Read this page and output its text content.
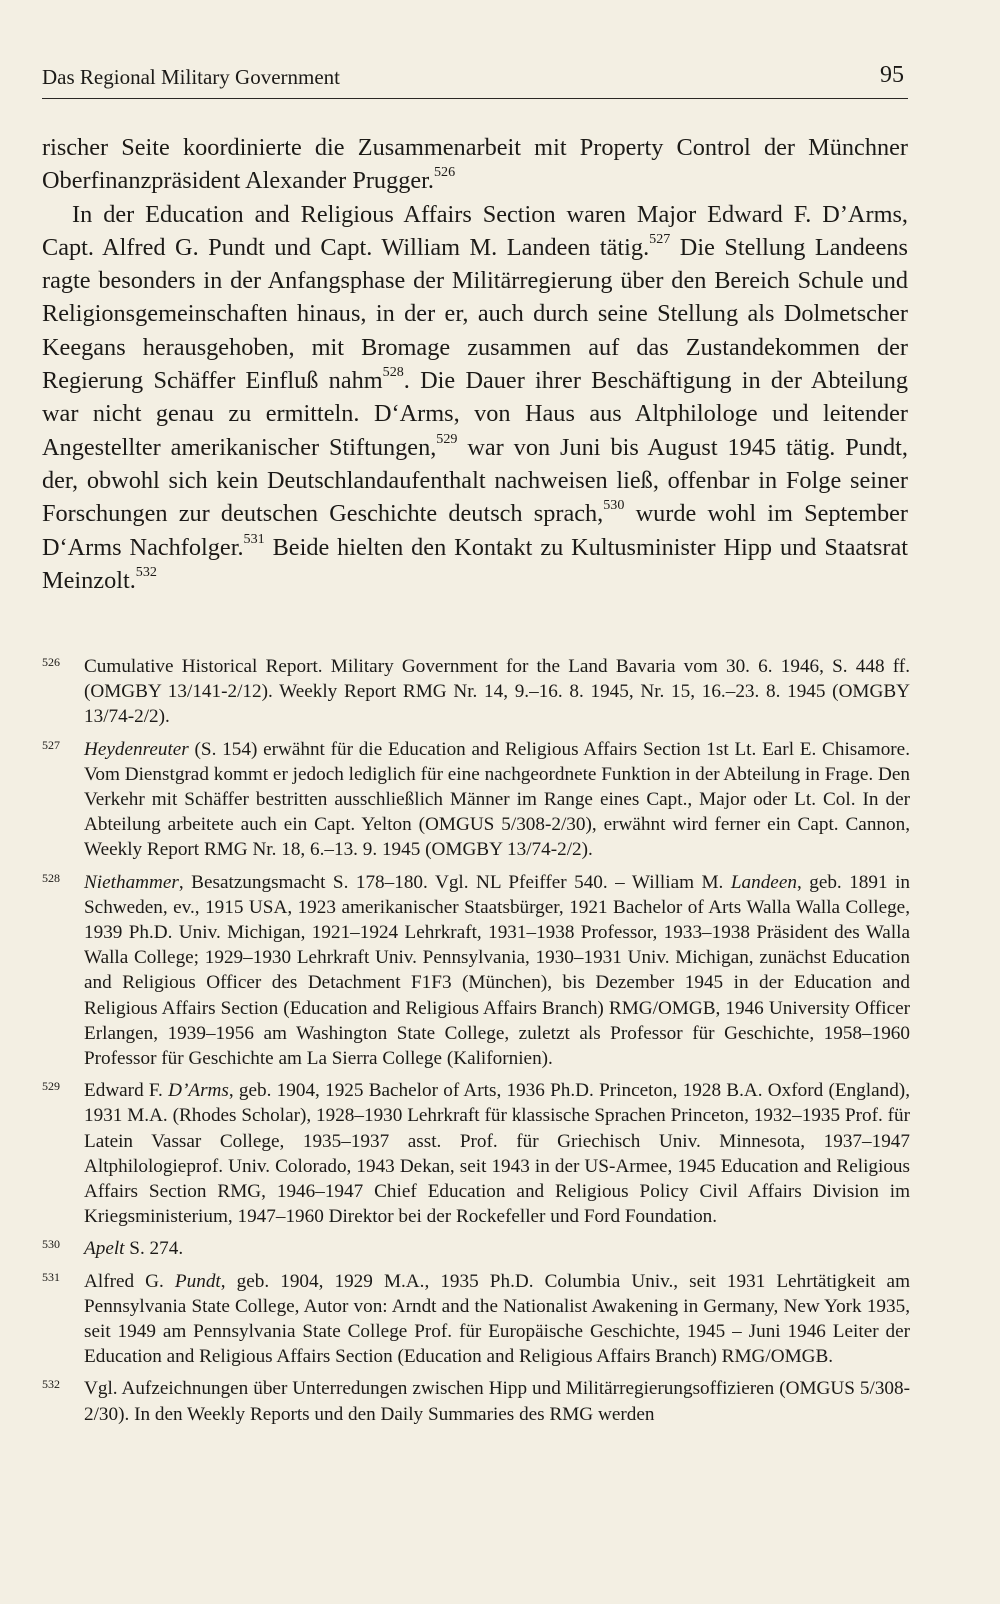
Das Regional Military Government	95

rischer Seite koordinierte die Zusammenarbeit mit Property Control der Münchner Oberfinanzpräsident Alexander Prugger.$^{526}$

In der Education and Religious Affairs Section waren Major Edward F. D’Arms, Capt. Alfred G. Pundt und Capt. William M. Landeen tätig.$^{527}$ Die Stellung Landeens ragte besonders in der Anfangsphase der Militärregierung über den Bereich Schule und Religionsgemeinschaften hinaus, in der er, auch durch seine Stellung als Dolmetscher Keegans herausgehoben, mit Bromage zusammen auf das Zustandekommen der Regierung Schäffer Einfluß nahm$^{528}$. Die Dauer ihrer Beschäftigung in der Abteilung war nicht genau zu ermitteln. D‘Arms, von Haus aus Altphilologe und leitender Angestellter amerikanischer Stiftungen,$^{529}$ war von Juni bis August 1945 tätig. Pundt, der, obwohl sich kein Deutschlandaufenthalt nachweisen ließ, offenbar in Folge seiner Forschungen zur deutschen Geschichte deutsch sprach,$^{530}$ wurde wohl im September D‘Arms Nachfolger.$^{531}$ Beide hielten den Kontakt zu Kultusminister Hipp und Staatsrat Meinzolt.$^{532}$

526 Cumulative Historical Report. Military Government for the Land Bavaria vom 30. 6. 1946, S. 448 ff. (OMGBY 13/141-2/12). Weekly Report RMG Nr. 14, 9.–16. 8. 1945, Nr. 15, 16.–23. 8. 1945 (OMGBY 13/74-2/2).
527 Heydenreuter (S. 154) erwähnt für die Education and Religious Affairs Section 1st Lt. Earl E. Chisamore. Vom Dienstgrad kommt er jedoch lediglich für eine nachgeordnete Funktion in der Abteilung in Frage. Den Verkehr mit Schäffer bestritten ausschließlich Männer im Range eines Capt., Major oder Lt. Col. In der Abteilung arbeitete auch ein Capt. Yelton (OMGUS 5/308-2/30), erwähnt wird ferner ein Capt. Cannon, Weekly Report RMG Nr. 18, 6.–13. 9. 1945 (OMGBY 13/74-2/2).
528 Niethammer, Besatzungsmacht S. 178–180. Vgl. NL Pfeiffer 540. – William M. Landeen, geb. 1891 in Schweden, ev., 1915 USA, 1923 amerikanischer Staatsbürger, 1921 Bachelor of Arts Walla Walla College, 1939 Ph.D. Univ. Michigan, 1921–1924 Lehrkraft, 1931–1938 Professor, 1933–1938 Präsident des Walla Walla College; 1929–1930 Lehrkraft Univ. Pennsylvania, 1930–1931 Univ. Michigan, zunächst Education and Religious Officer des Detachment F1F3 (München), bis Dezember 1945 in der Education and Religious Affairs Section (Education and Religious Affairs Branch) RMG/OMGB, 1946 University Officer Erlangen, 1939–1956 am Washington State College, zuletzt als Professor für Geschichte, 1958–1960 Professor für Geschichte am La Sierra College (Kalifornien).
529 Edward F. D’Arms, geb. 1904, 1925 Bachelor of Arts, 1936 Ph.D. Princeton, 1928 B.A. Oxford (England), 1931 M.A. (Rhodes Scholar), 1928–1930 Lehrkraft für klassische Sprachen Princeton, 1932–1935 Prof. für Latein Vassar College, 1935–1937 asst. Prof. für Griechisch Univ. Minnesota, 1937–1947 Altphilologieprof. Univ. Colorado, 1943 Dekan, seit 1943 in der US-Armee, 1945 Education and Religious Affairs Section RMG, 1946–1947 Chief Education and Religious Policy Civil Affairs Division im Kriegsministerium, 1947–1960 Direktor bei der Rockefeller und Ford Foundation.
530 Apelt S. 274.
531 Alfred G. Pundt, geb. 1904, 1929 M.A., 1935 Ph.D. Columbia Univ., seit 1931 Lehrtätigkeit am Pennsylvania State College, Autor von: Arndt and the Nationalist Awakening in Germany, New York 1935, seit 1949 am Pennsylvania State College Prof. für Europäische Geschichte, 1945 – Juni 1946 Leiter der Education and Religious Affairs Section (Education and Religious Affairs Branch) RMG/OMGB.
532 Vgl. Aufzeichnungen über Unterredungen zwischen Hipp und Militärregierungsoffizieren (OMGUS 5/308-2/30). In den Weekly Reports und den Daily Summaries des RMG werden
